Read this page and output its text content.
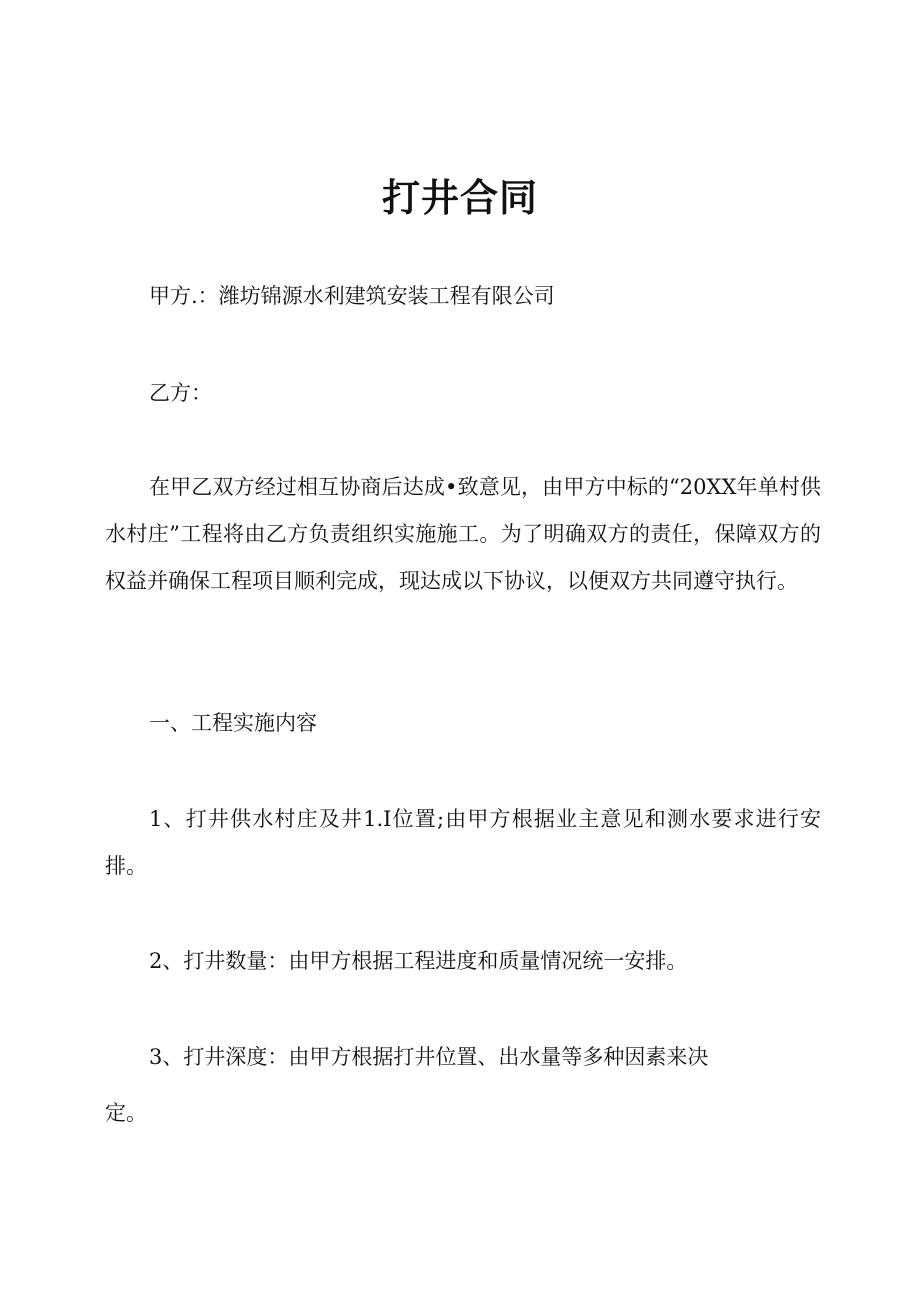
打井合同
甲方.：潍坊锦源水利建筑安装工程有限公司
乙方：
在甲乙双方经过相互协商后达成•致意见，由甲方中标的“20XX年单村供水村庄”工程将由乙方负责组织实施施工。为了明确双方的责任，保障双方的权益并确保工程项目顺利完成，现达成以下协议，以便双方共同遵守执行。
一、工程实施内容
1、打井供水村庄及井1.I位置;由甲方根据业主意见和测水要求进行安排。
2、打井数量：由甲方根据工程进度和质量情况统一安排。
3、打井深度：由甲方根据打井位置、出水量等多种因素来决
定。
